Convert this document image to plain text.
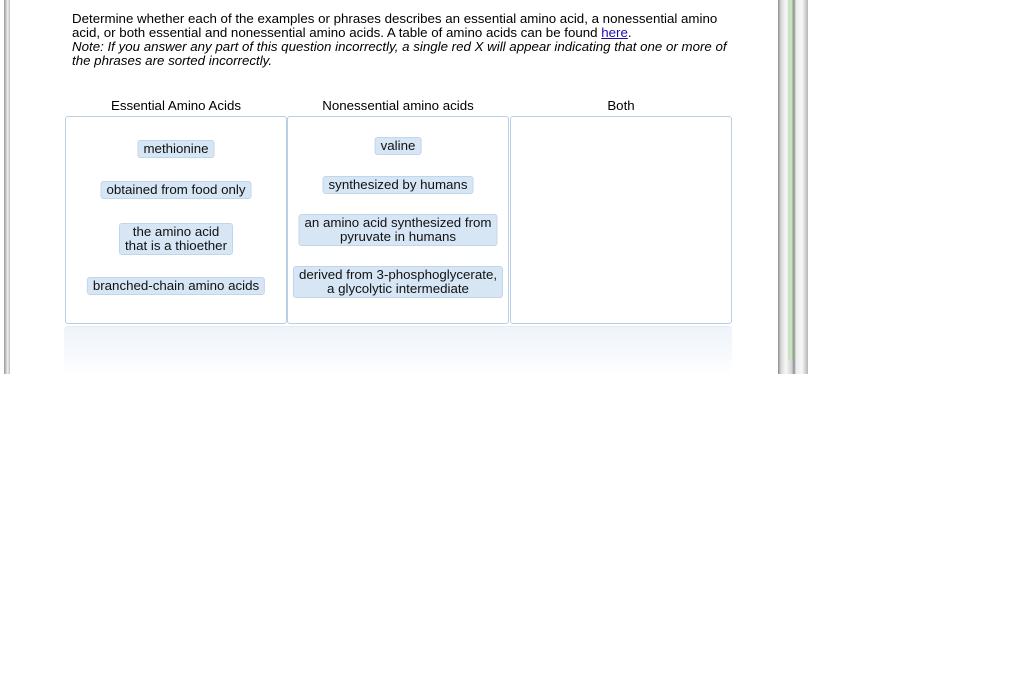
Determine whether each of the examples or phrases describes an essential amino acid, a nonessential amino acid, or both essential and nonessential amino acids. A table of amino acids can be found here.
Note: If you answer any part of this question incorrectly, a single red X will appear indicating that one or more of the phrases are sorted incorrectly.
Essential Amino Acids	Nonessential amino acids	Both
methionine
obtained from food only
the amino acid
that is a thioether
branched-chain amino acids
valine
synthesized by humans
an amino acid synthesized from
pyruvate in humans
derived from 3-phosphoglycerate,
a glycolytic intermediate
